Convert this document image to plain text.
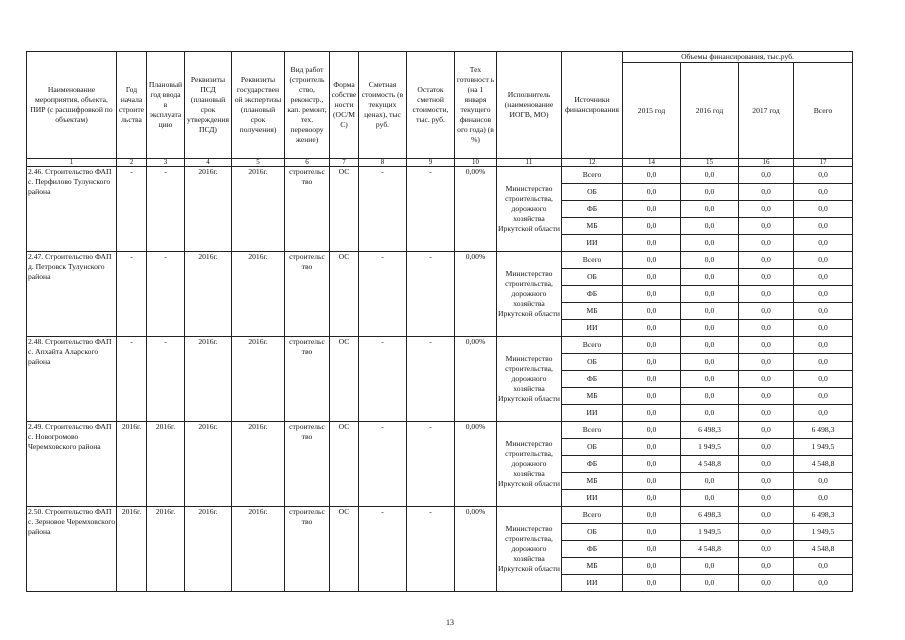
Наименование мероприятия, объекта, ПИР (с расшифровкой по объектам)	Год начала строите льства	Плановый год ввода в эксплуата цию	Реквизиты ПСД (плановый срок утверждения ПСД)	Реквизиты государствен ой экспертизы (плановый срок получения)	Вид работ (строитель ство, реконстр., кап. ремонт, тех. перевоору жение)	Форма собстве ности (ОС/М С)	Сметная стоимость (в текущих ценах), тыс руб.	Остаток сметной стоимости, тыс. руб.	Тех готовност ь (на 1 января текущего финансов ого года) (в %)	Исполнитель (наименование ИОГВ, МО)	Источники финансирования	Объемы финансирования, тыс.руб.			
												2015 год	2016 год	2017 год	Всего
1	2	3	4	5	6	7	8	9	10	11	12	14	15	16	17
2.46. Строительство ФАП с. Перфилово Тулунского района	-	-	2016г.	2016г.	строительс тво	ОС	-	-	0,00%	Министерство строительства, дорожного хозяйства Иркутской области	Всего	0,0	0,0	0,0	0,0
											ОБ	0,0	0,0	0,0	0,0
											ФБ	0,0	0,0	0,0	0,0
											МБ	0,0	0,0	0,0	0,0
											ИИ	0,0	0,0	0,0	0,0
2.47. Строительство ФАП д. Петровск Тулунского района	-	-	2016г.	2016г.	строительс тво	ОС	-	-	0,00%	Министерство строительства, дорожного хозяйства Иркутской области	Всего	0,0	0,0	0,0	0,0
											ОБ	0,0	0,0	0,0	0,0
											ФБ	0,0	0,0	0,0	0,0
											МБ	0,0	0,0	0,0	0,0
											ИИ	0,0	0,0	0,0	0,0
2.48. Строительство ФАП с. Апхайта Аларского района	-	-	2016г.	2016г.	строительс тво	ОС	-	-	0,00%	Министерство строительства, дорожного хозяйства Иркутской области	Всего	0,0	0,0	0,0	0,0
											ОБ	0,0	0,0	0,0	0,0
											ФБ	0,0	0,0	0,0	0,0
											МБ	0,0	0,0	0,0	0,0
											ИИ	0,0	0,0	0,0	0,0
2.49. Строительство ФАП с. Новогромово Черемховского района	2016г.	2016г.	2016г.	2016г.	строительс тво	ОС	-	-	0,00%	Министерство строительства, дорожного хозяйства Иркутской области	Всего	0,0	6 498,3	0,0	6 498,3
											ОБ	0,0	1 949,5	0,0	1 949,5
											ФБ	0,0	4 548,8	0,0	4 548,8
											МБ	0,0	0,0	0,0	0,0
											ИИ	0,0	0,0	0,0	0,0
2.50. Строительство ФАП с. Зерновое Черемховского района	2016г.	2016г.	2016г.	2016г.	строительс тво	ОС	-	-	0,00%	Министерство строительства, дорожного хозяйства Иркутской области	Всего	0,0	6 498,3	0,0	6 498,3
											ОБ	0,0	1 949,5	0,0	1 949,5
											ФБ	0,0	4 548,8	0,0	4 548,8
											МБ	0,0	0,0	0,0	0,0
											ИИ	0,0	0,0	0,0	0,0
13
